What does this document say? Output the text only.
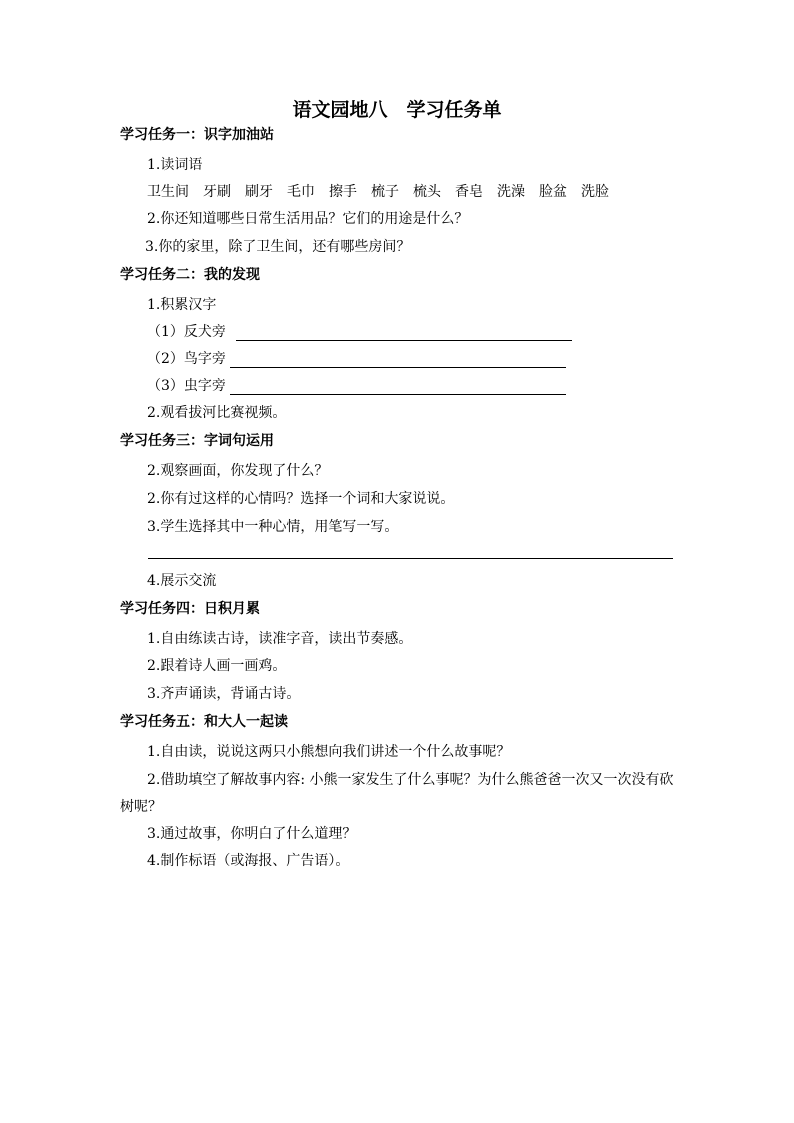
语文园地八　学习任务单
学习任务一：识字加油站
1.读词语
卫生间 牙刷 刷牙 毛巾 擦手 梳子 梳头 香皂 洗澡 脸盆 洗脸
2.你还知道哪些日常生活用品？它们的用途是什么？
3.你的家里，除了卫生间，还有哪些房间？
学习任务二：我的发现
1.积累汉字
（1）反犬旁
（2）鸟字旁
（3）虫字旁
2.观看拔河比赛视频。
学习任务三：字词句运用
2.观察画面，你发现了什么？
2.你有过这样的心情吗？选择一个词和大家说说。
3.学生选择其中一种心情，用笔写一写。
4.展示交流
学习任务四：日积月累
1.自由练读古诗，读准字音，读出节奏感。
2.跟着诗人画一画鸡。
3.齐声诵读，背诵古诗。
学习任务五：和大人一起读
1.自由读，说说这两只小熊想向我们讲述一个什么故事呢？
2.借助填空了解故事内容: 小熊一家发生了什么事呢？为什么熊爸爸一次又一次没有砍
树呢？
3.通过故事，你明白了什么道理？
4.制作标语（或海报、广告语）。
